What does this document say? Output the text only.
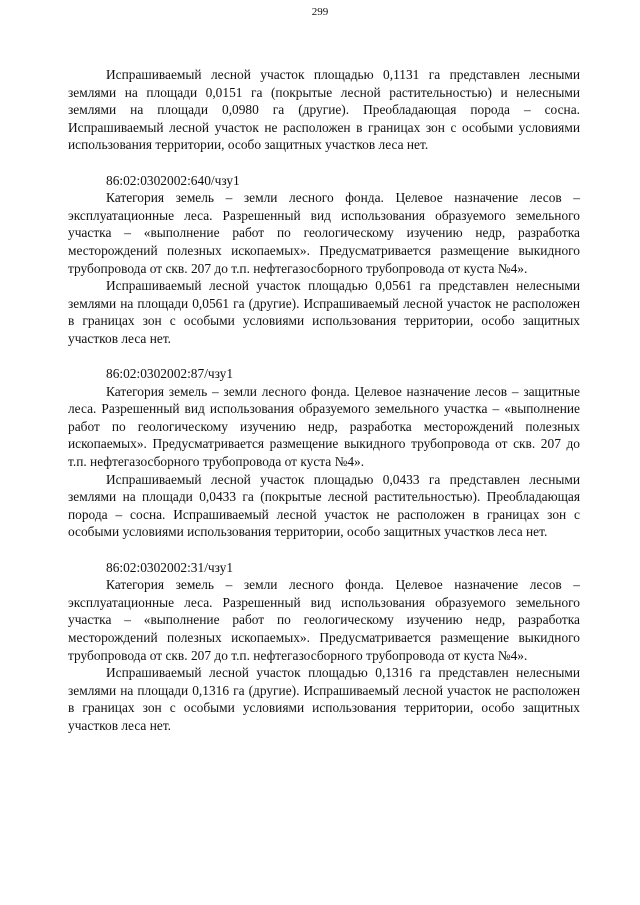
299

Испрашиваемый лесной участок площадью 0,1131 га представлен лесными землями на площади 0,0151 га (покрытые лесной растительностью) и нелесными землями на площади 0,0980 га (другие). Преобладающая порода – сосна. Испрашиваемый лесной участок не расположен в границах зон с особыми условиями использования территории, особо защитных участков леса нет.

86:02:0302002:640/чзу1

Категория земель – земли лесного фонда. Целевое назначение лесов – эксплуатационные леса. Разрешенный вид использования образуемого земельного участка – «выполнение работ по геологическому изучению недр, разработка месторождений полезных ископаемых». Предусматривается размещение выкидного трубопровода от скв. 207 до т.п. нефтегазосборного трубопровода от куста №4».

Испрашиваемый лесной участок площадью 0,0561 га представлен нелесными землями на площади 0,0561 га (другие). Испрашиваемый лесной участок не расположен в границах зон с особыми условиями использования территории, особо защитных участков леса нет.

86:02:0302002:87/чзу1

Категория земель – земли лесного фонда. Целевое назначение лесов – защитные леса. Разрешенный вид использования образуемого земельного участка – «выполнение работ по геологическому изучению недр, разработка месторождений полезных ископаемых». Предусматривается размещение выкидного трубопровода от скв. 207 до т.п. нефтегазосборного трубопровода от куста №4».

Испрашиваемый лесной участок площадью 0,0433 га представлен лесными землями на площади 0,0433 га (покрытые лесной растительностью). Преобладающая порода – сосна. Испрашиваемый лесной участок не расположен в границах зон с особыми условиями использования территории, особо защитных участков леса нет.

86:02:0302002:31/чзу1

Категория земель – земли лесного фонда. Целевое назначение лесов – эксплуатационные леса. Разрешенный вид использования образуемого земельного участка – «выполнение работ по геологическому изучению недр, разработка месторождений полезных ископаемых». Предусматривается размещение выкидного трубопровода от скв. 207 до т.п. нефтегазосборного трубопровода от куста №4».

Испрашиваемый лесной участок площадью 0,1316 га представлен нелесными землями на площади 0,1316 га (другие). Испрашиваемый лесной участок не расположен в границах зон с особыми условиями использования территории, особо защитных участков леса нет.
